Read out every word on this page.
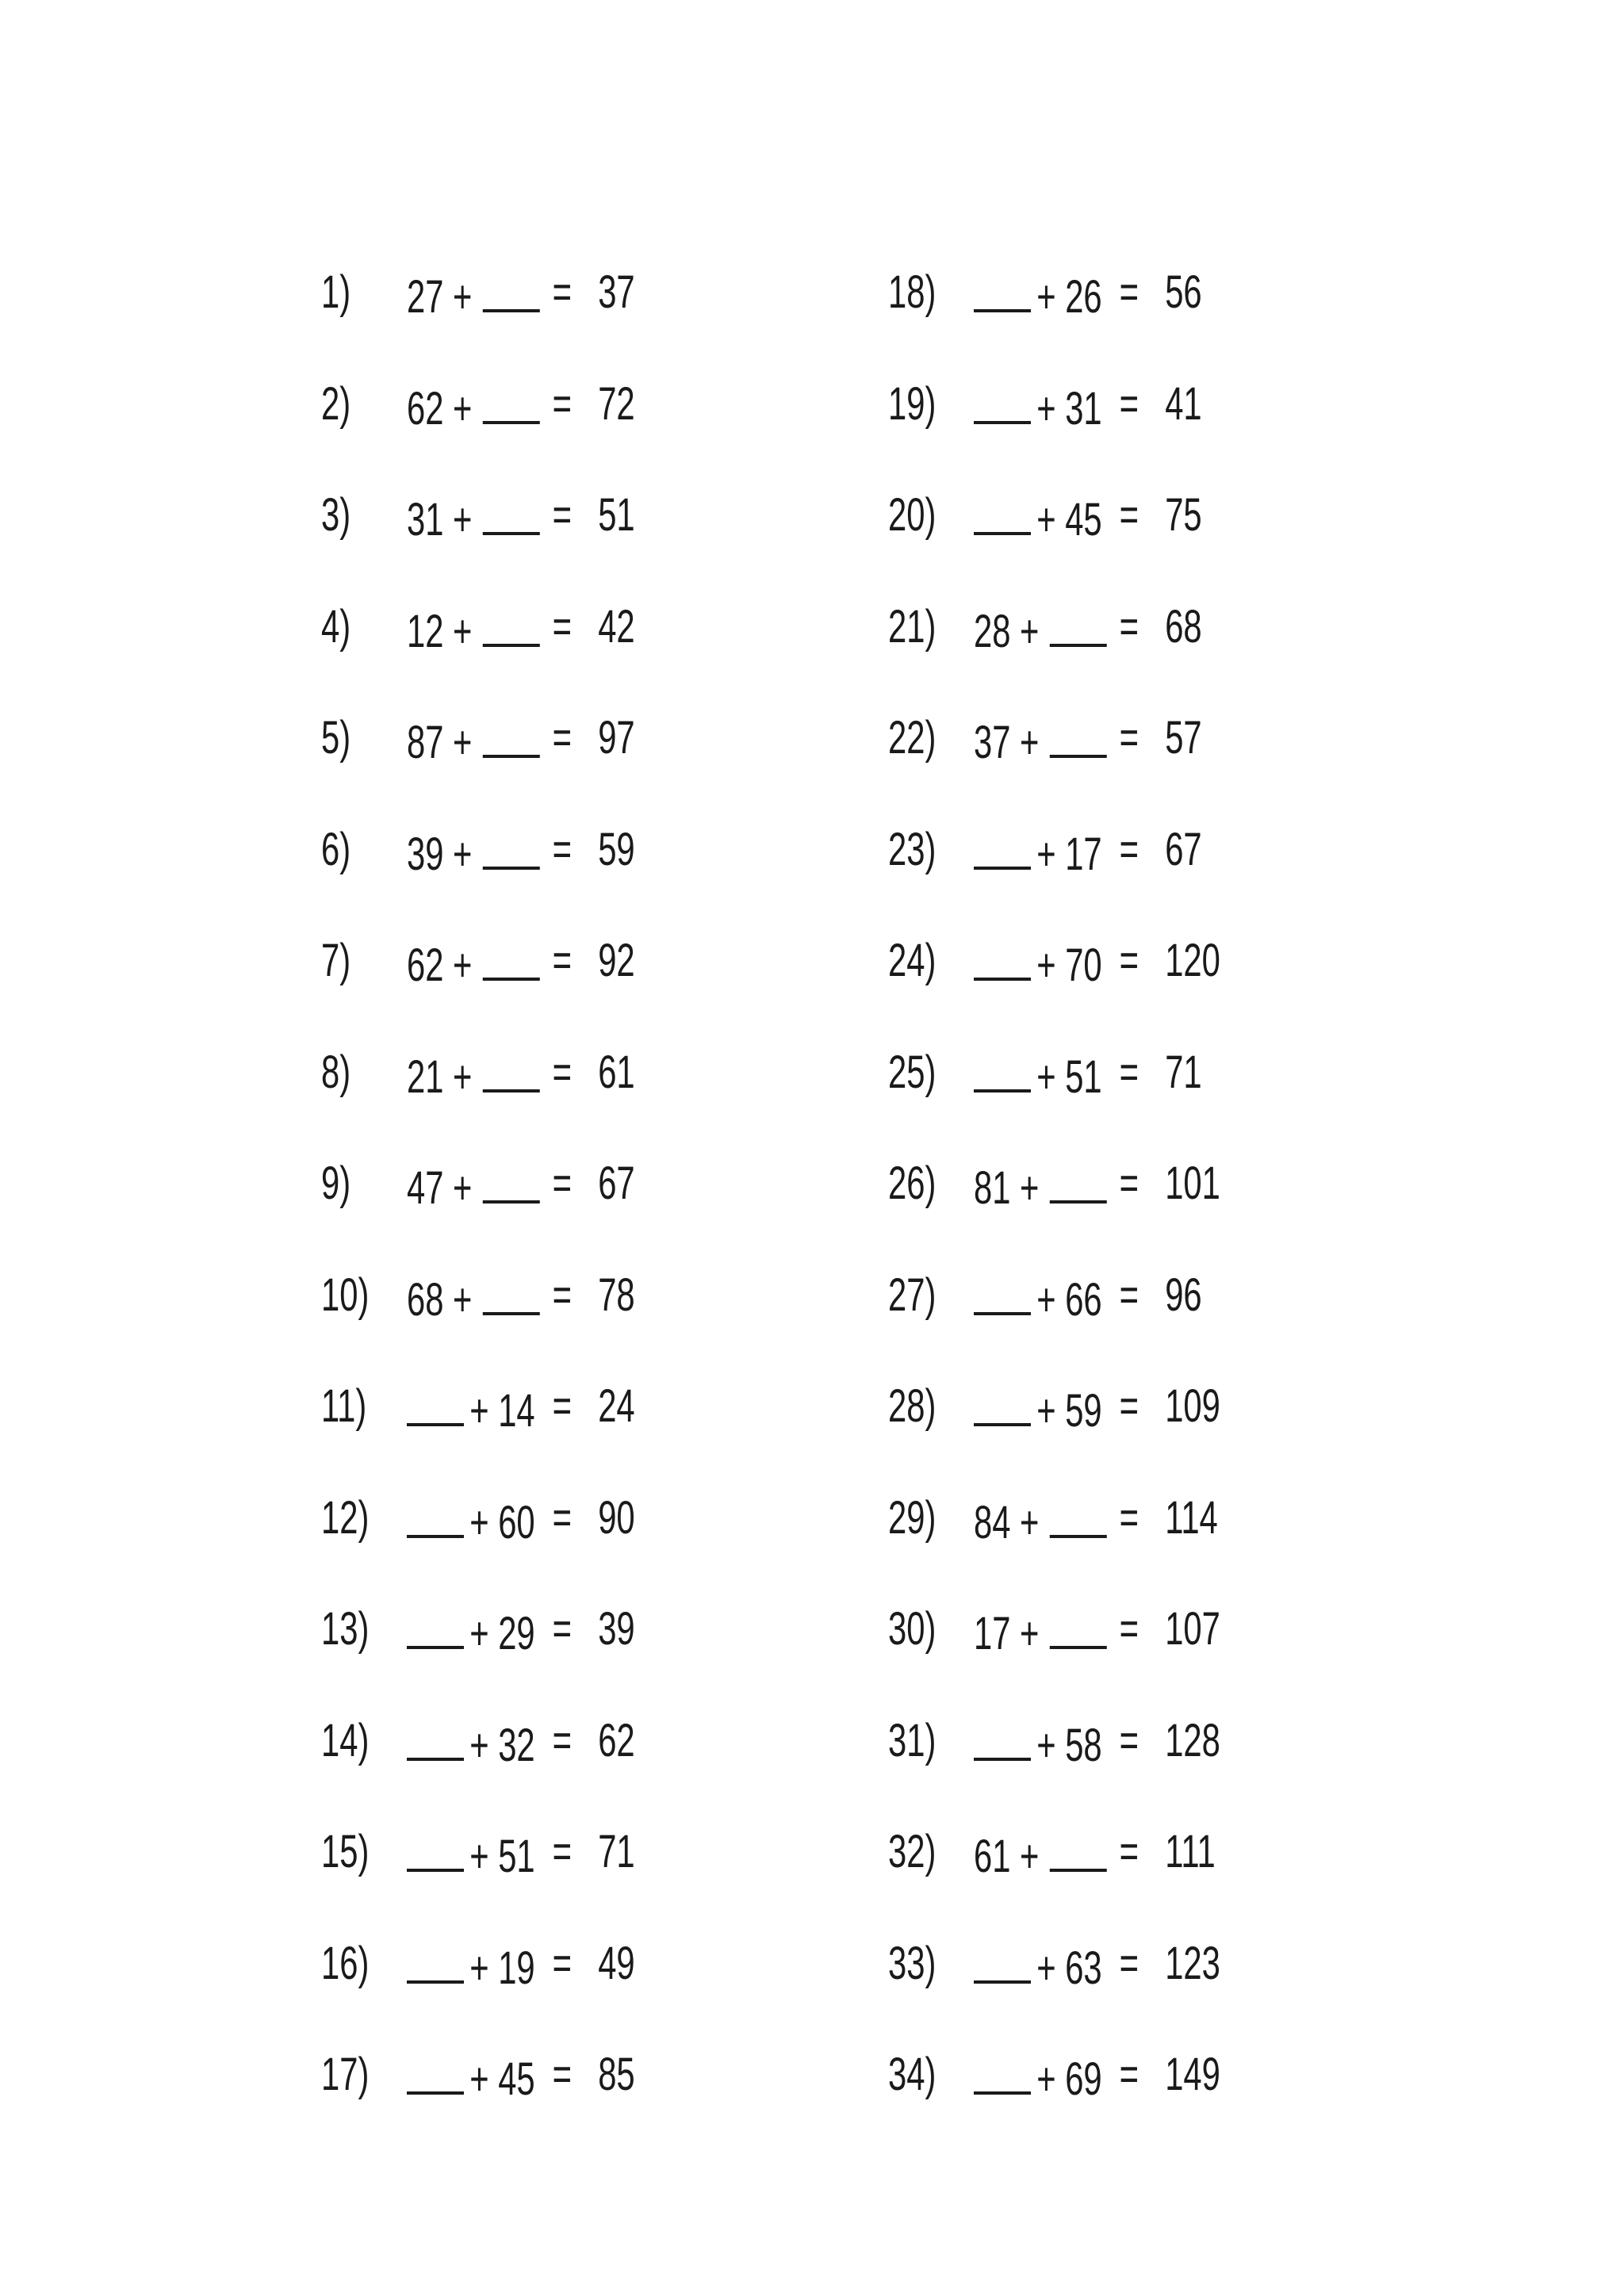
1) 27 +	= 37
2) 62 +	= 72
3) 31 +	= 51
4) 12 +	= 42
5) 87 +	= 97
6) 39 +	= 59
7) 62 +	= 92
8) 21 +	= 61
9) 47 +	= 67
10) 68 +	= 78
11)	+ 14 = 24
12)	+ 60 = 90
13)	+ 29 = 39
14)	+ 32 = 62
15)	+ 51 = 71
16)	+ 19 = 49
17)	+ 45 = 85
18)	+ 26 = 56
19)	+ 31 = 41
20)	+ 45 = 75
21) 28 +	= 68
22) 37 +	= 57
23)	+ 17 = 67
24)	+ 70 = 120
25)	+ 51 = 71
26) 81 +	= 101
27)	+ 66 = 96
28)	+ 59 = 109
29) 84 +	= 114
30) 17 +	= 107
31)	+ 58 = 128
32) 61 +	= 111
33)	+ 63 = 123
34)	+ 69 = 149
